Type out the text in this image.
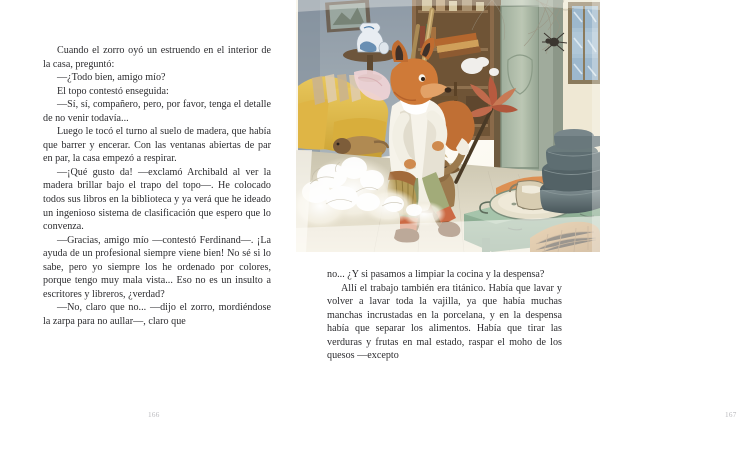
Cuando el zorro oyó un estruendo en el interior de la casa, preguntó:

—¿Todo bien, amigo mío?

El topo contestó enseguida:

—Sí, sí, compañero, pero, por favor, tenga el detalle de no venir todavía...

Luego le tocó el turno al suelo de madera, que había que barrer y encerar. Con las ventanas abiertas de par en par, la casa empezó a respirar.

—¡Qué gusto da! —exclamó Archibald al ver la madera brillar bajo el trapo del topo—. He colocado todos sus libros en la biblioteca y ya verá que he ideado un ingenioso sistema de clasificación que espero que lo convenza.

—Gracias, amigo mío —contestó Ferdinand—. ¡La ayuda de un profesional siempre viene bien! No sé si lo sabe, pero yo siempre los he ordenado por colores, porque tengo muy mala vista... Eso no es un insulto a escritores y libreros, ¿verdad?

—No, claro que no... —dijo el zorro, mordiéndose la zarpa para no aullar—, claro que

166

no... ¿Y si pasamos a limpiar la cocina y la despensa?

Allí el trabajo también era titánico. Había que lavar y volver a lavar toda la vajilla, ya que había muchas manchas incrustadas en la porcelana, y en la despensa había que separar los alimentos. Había que tirar las verduras y frutas en mal estado, raspar el moho de los quesos —excepto

167
